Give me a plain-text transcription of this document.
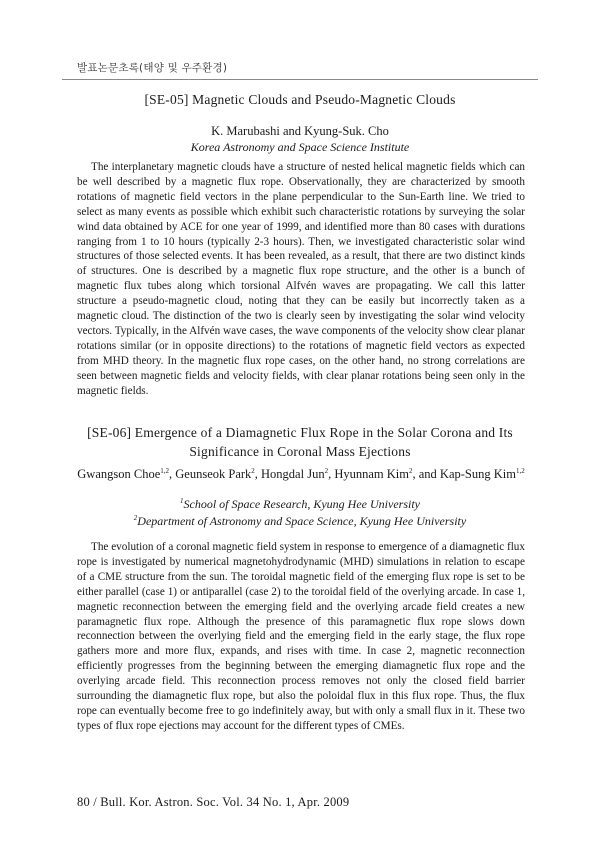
발표논문초록(태양 및 우주환경)
[SE-05] Magnetic Clouds and Pseudo-Magnetic Clouds
K. Marubashi and Kyung-Suk. Cho
Korea Astronomy and Space Science Institute

The interplanetary magnetic clouds have a structure of nested helical magnetic fields which can be well described by a magnetic flux rope. Observationally, they are characterized by smooth rotations of magnetic field vectors in the plane perpendicular to the Sun-Earth line. We tried to select as many events as possible which exhibit such characteristic rotations by surveying the solar wind data obtained by ACE for one year of 1999, and identified more than 80 cases with durations ranging from 1 to 10 hours (typically 2-3 hours). Then, we investigated characteristic solar wind structures of those selected events. It has been revealed, as a result, that there are two distinct kinds of structures. One is described by a magnetic flux rope structure, and the other is a bunch of magnetic flux tubes along which torsional Alfvén waves are propagating. We call this latter structure a pseudo-magnetic cloud, noting that they can be easily but incorrectly taken as a magnetic cloud. The distinction of the two is clearly seen by investigating the solar wind velocity vectors. Typically, in the Alfvén wave cases, the wave components of the velocity show clear planar rotations similar (or in opposite directions) to the rotations of magnetic field vectors as expected from MHD theory. In the magnetic flux rope cases, on the other hand, no strong correlations are seen between magnetic fields and velocity fields, with clear planar rotations being seen only in the magnetic fields.

[SE-06] Emergence of a Diamagnetic Flux Rope in the Solar Corona and Its Significance in Coronal Mass Ejections
Gwangson Choe$^{1,2}$, Geunseok Park$^2$, Hongdal Jun$^2$, Hyunnam Kim$^2$, and Kap-Sung Kim$^{1,2}$
$^1$School of Space Research, Kyung Hee University
$^2$Department of Astronomy and Space Science, Kyung Hee University

The evolution of a coronal magnetic field system in response to emergence of a diamagnetic flux rope is investigated by numerical magnetohydrodynamic (MHD) simulations in relation to escape of a CME structure from the sun. The toroidal magnetic field of the emerging flux rope is set to be either parallel (case 1) or antiparallel (case 2) to the toroidal field of the overlying arcade. In case 1, magnetic reconnection between the emerging field and the overlying arcade field creates a new paramagnetic flux rope. Although the presence of this paramagnetic flux rope slows down reconnection between the overlying field and the emerging field in the early stage, the flux rope gathers more and more flux, expands, and rises with time. In case 2, magnetic reconnection efficiently progresses from the beginning between the emerging diamagnetic flux rope and the overlying arcade field. This reconnection process removes not only the closed field barrier surrounding the diamagnetic flux rope, but also the poloidal flux in this flux rope. Thus, the flux rope can eventually become free to go indefinitely away, but with only a small flux in it. These two types of flux rope ejections may account for the different types of CMEs.

80 / Bull. Kor. Astron. Soc. Vol. 34 No. 1, Apr. 2009
